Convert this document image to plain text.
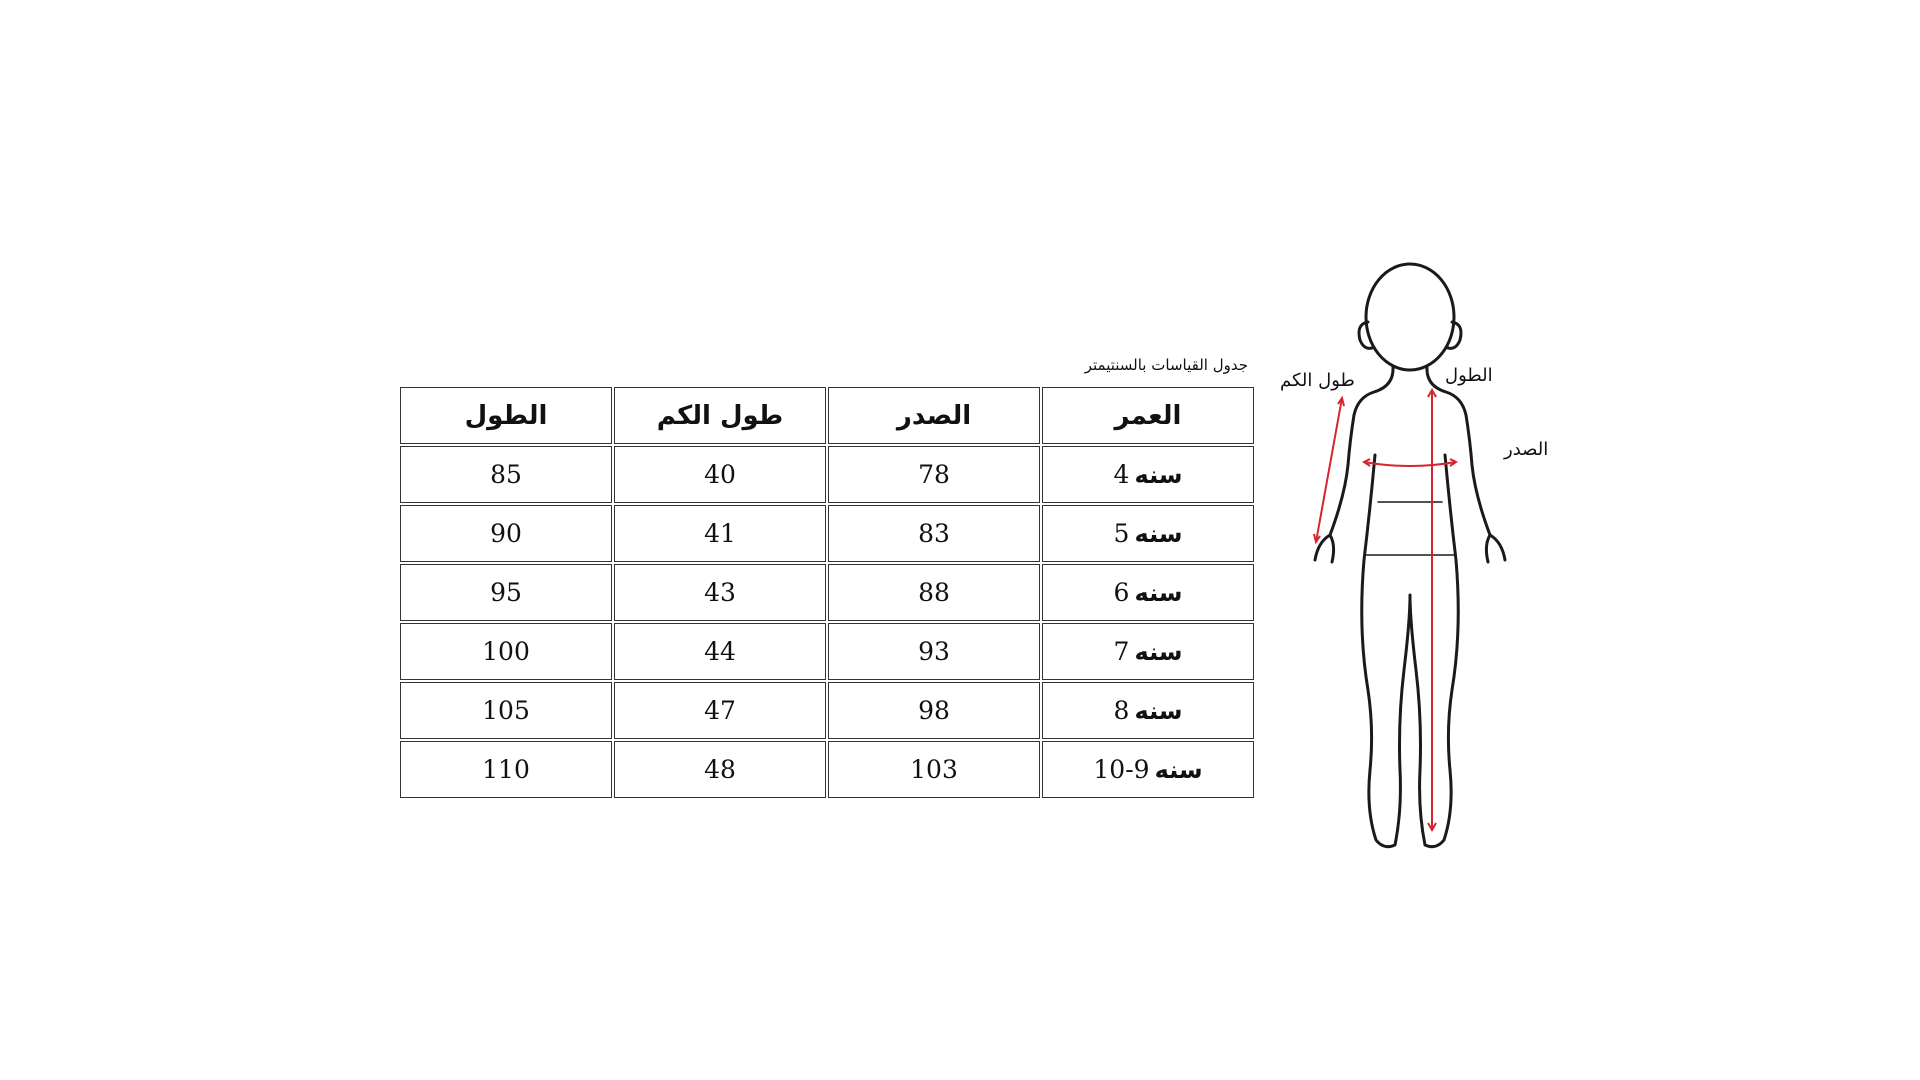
جدول القياسات بالسنتيمتر
الطول	طول الكم	الصدر	العمر
85	40	78	سنه 4
90	41	83	سنه 5
95	43	88	سنه 6
100	44	93	سنه 7
105	47	98	سنه 8
110	48	103	سنه 9-10
طول الكم	الطول
الصدر
